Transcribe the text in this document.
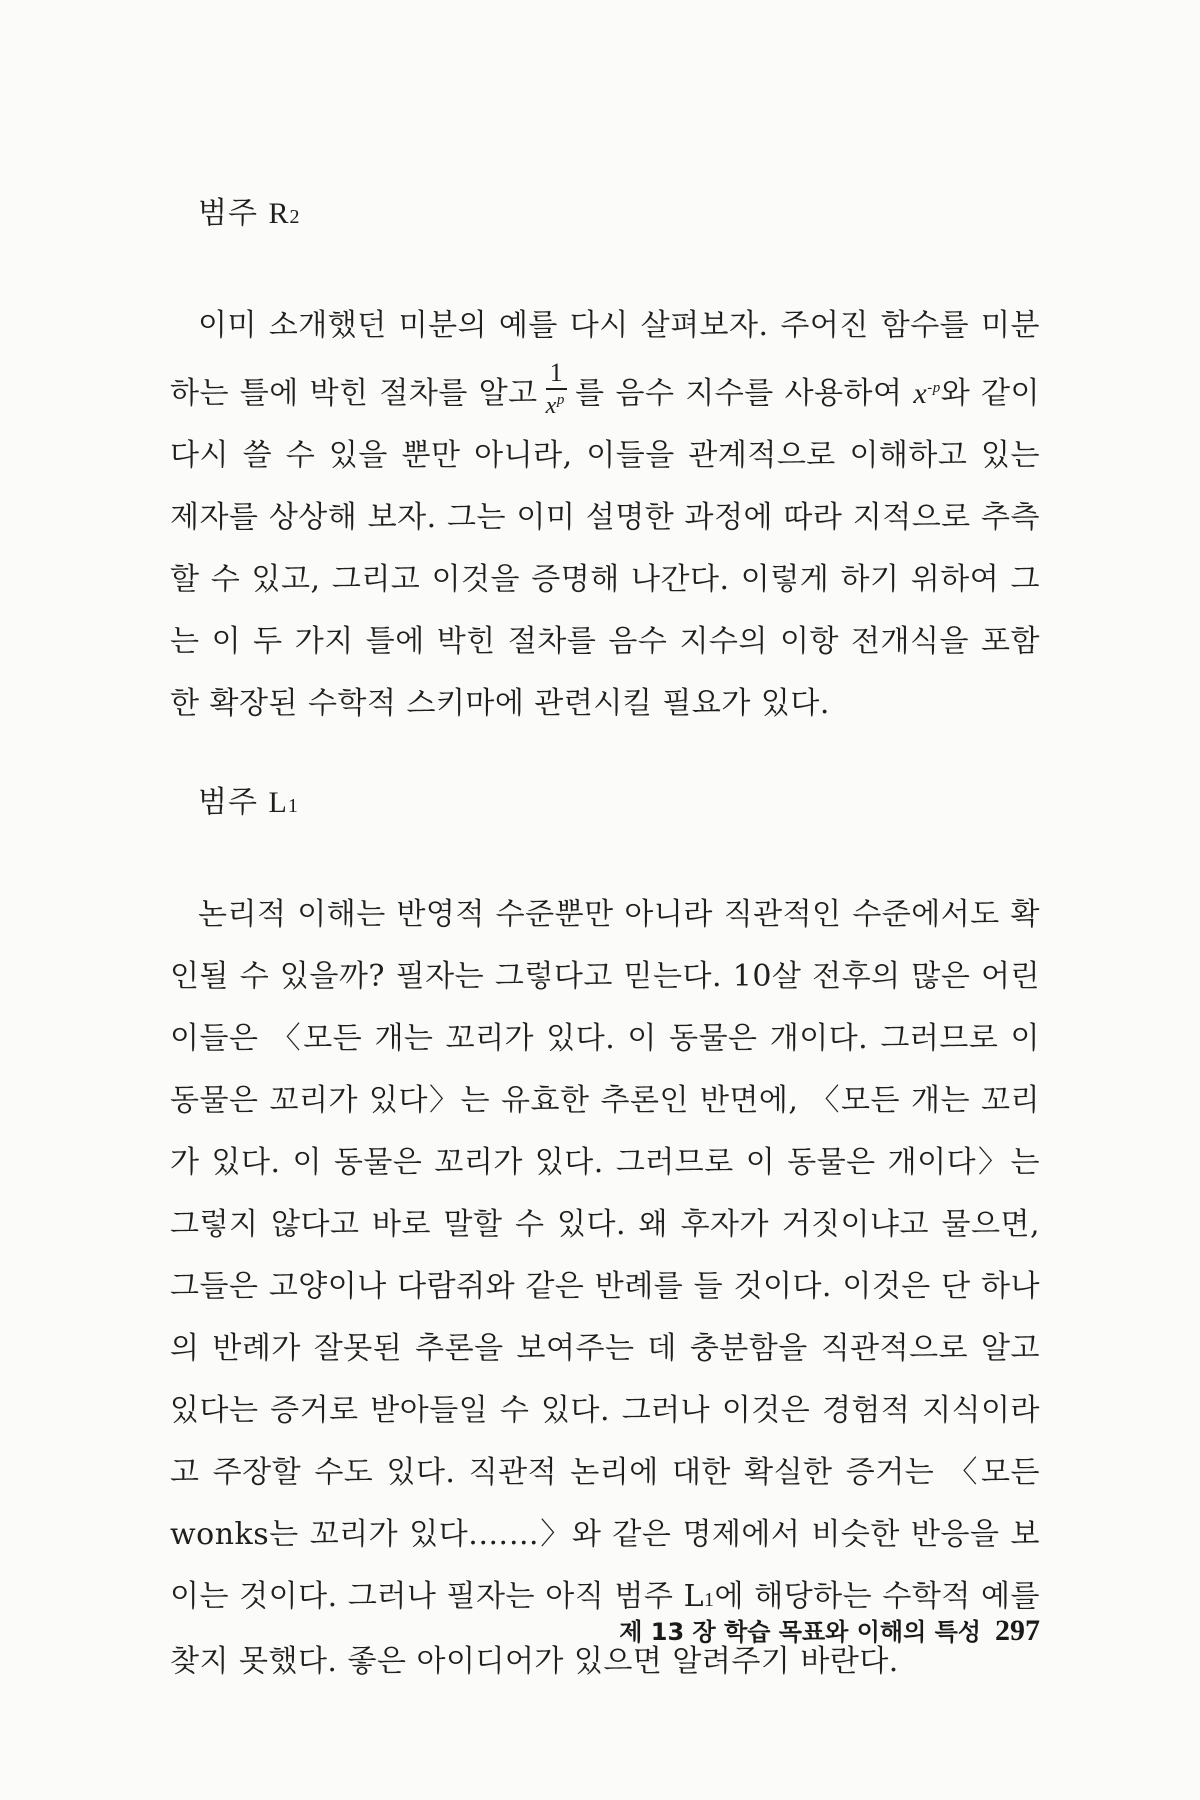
범주 R2

이미 소개했던 미분의 예를 다시 살펴보자. 주어진 함수를 미분하는 틀에 박힌 절차를 알고 $\frac{1}{x^p}$ 를 음수 지수를 사용하여 $x^{-p}$와 같이 다시 쓸 수 있을 뿐만 아니라, 이들을 관계적으로 이해하고 있는 제자를 상상해 보자. 그는 이미 설명한 과정에 따라 지적으로 추측할 수 있고, 그리고 이것을 증명해 나간다. 이렇게 하기 위하여 그는 이 두 가지 틀에 박힌 절차를 음수 지수의 이항 전개식을 포함한 확장된 수학적 스키마에 관련시킬 필요가 있다.

범주 L1

논리적 이해는 반영적 수준뿐만 아니라 직관적인 수준에서도 확인될 수 있을까? 필자는 그렇다고 믿는다. 10살 전후의 많은 어린이들은 〈모든 개는 꼬리가 있다. 이 동물은 개이다. 그러므로 이 동물은 꼬리가 있다〉는 유효한 추론인 반면에, 〈모든 개는 꼬리가 있다. 이 동물은 꼬리가 있다. 그러므로 이 동물은 개이다〉는 그렇지 않다고 바로 말할 수 있다. 왜 후자가 거짓이냐고 물으면, 그들은 고양이나 다람쥐와 같은 반례를 들 것이다. 이것은 단 하나의 반례가 잘못된 추론을 보여주는 데 충분함을 직관적으로 알고 있다는 증거로 받아들일 수 있다. 그러나 이것은 경험적 지식이라고 주장할 수도 있다. 직관적 논리에 대한 확실한 증거는 〈모든 wonks는 꼬리가 있다.……〉와 같은 명제에서 비슷한 반응을 보이는 것이다. 그러나 필자는 아직 범주 L1에 해당하는 수학적 예를 찾지 못했다. 좋은 아이디어가 있으면 알려주기 바란다.

제 13 장 학습 목표와 이해의 특성 297
